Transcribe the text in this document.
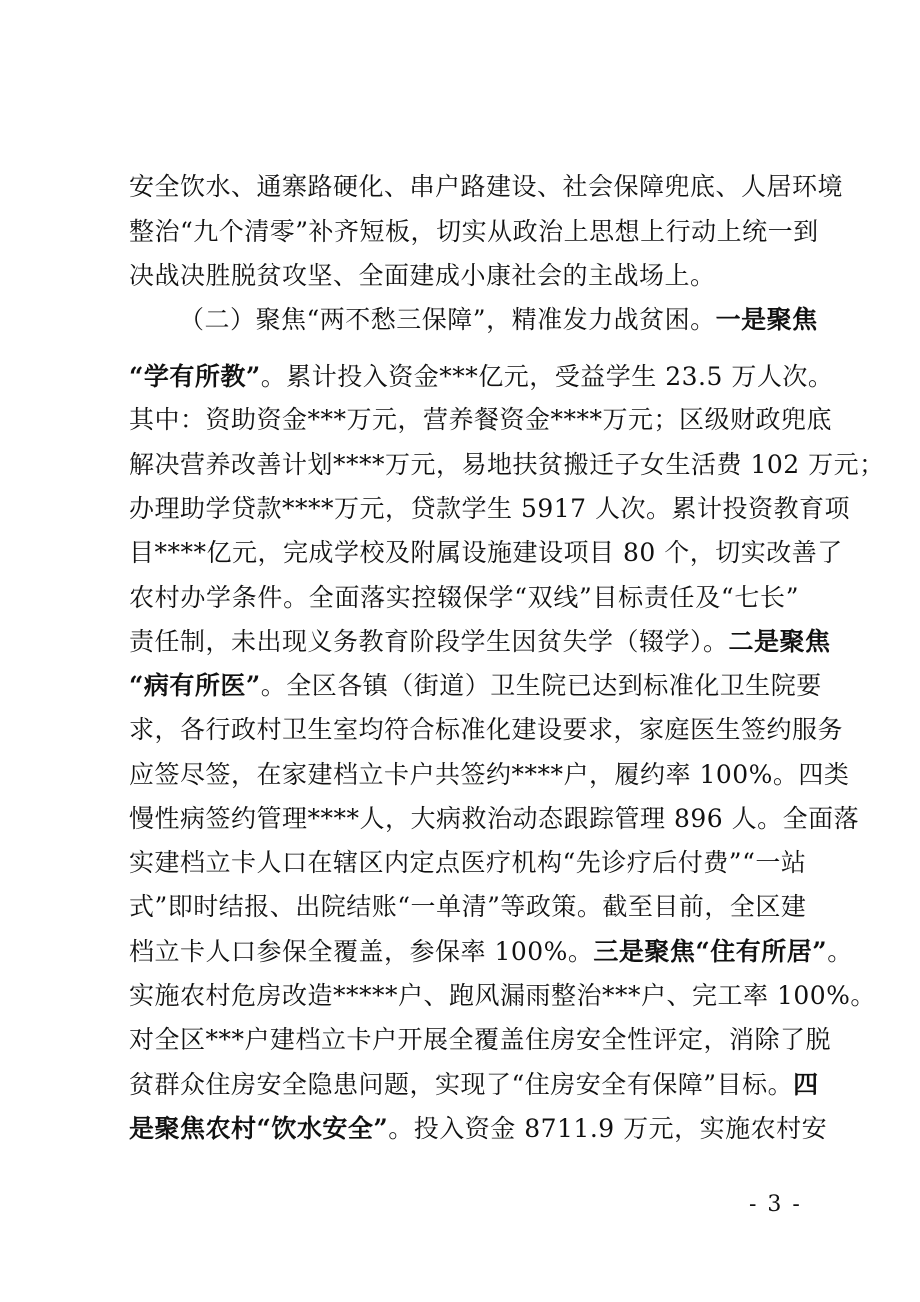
安全饮水、通寨路硬化、串户路建设、社会保障兜底、人居环境
整治“九个清零”补齐短板，切实从政治上思想上行动上统一到
决战决胜脱贫攻坚、全面建成小康社会的主战场上。
（二）聚焦“两不愁三保障”，精准发力战贫困。一是聚焦
“学有所教”。累计投入资金***亿元，受益学生 23.5 万人次。
其中：资助资金***万元，营养餐资金****万元；区级财政兜底
解决营养改善计划****万元，易地扶贫搬迁子女生活费 102 万元；
办理助学贷款****万元，贷款学生 5917 人次。累计投资教育项
目****亿元，完成学校及附属设施建设项目 80 个，切实改善了
农村办学条件。全面落实控辍保学“双线”目标责任及“七长”
责任制，未出现义务教育阶段学生因贫失学（辍学）。二是聚焦
“病有所医”。全区各镇（街道）卫生院已达到标准化卫生院要
求，各行政村卫生室均符合标准化建设要求，家庭医生签约服务
应签尽签，在家建档立卡户共签约****户，履约率 100%。四类
慢性病签约管理****人，大病救治动态跟踪管理 896 人。全面落
实建档立卡人口在辖区内定点医疗机构“先诊疗后付费”“一站
式”即时结报、出院结账“一单清”等政策。截至目前，全区建
档立卡人口参保全覆盖，参保率 100%。三是聚焦“住有所居”。
实施农村危房改造*****户、跑风漏雨整治***户、完工率 100%。
对全区***户建档立卡户开展全覆盖住房安全性评定，消除了脱
贫群众住房安全隐患问题，实现了“住房安全有保障”目标。四
是聚焦农村“饮水安全”。投入资金 8711.9 万元，实施农村安
- 3 -
